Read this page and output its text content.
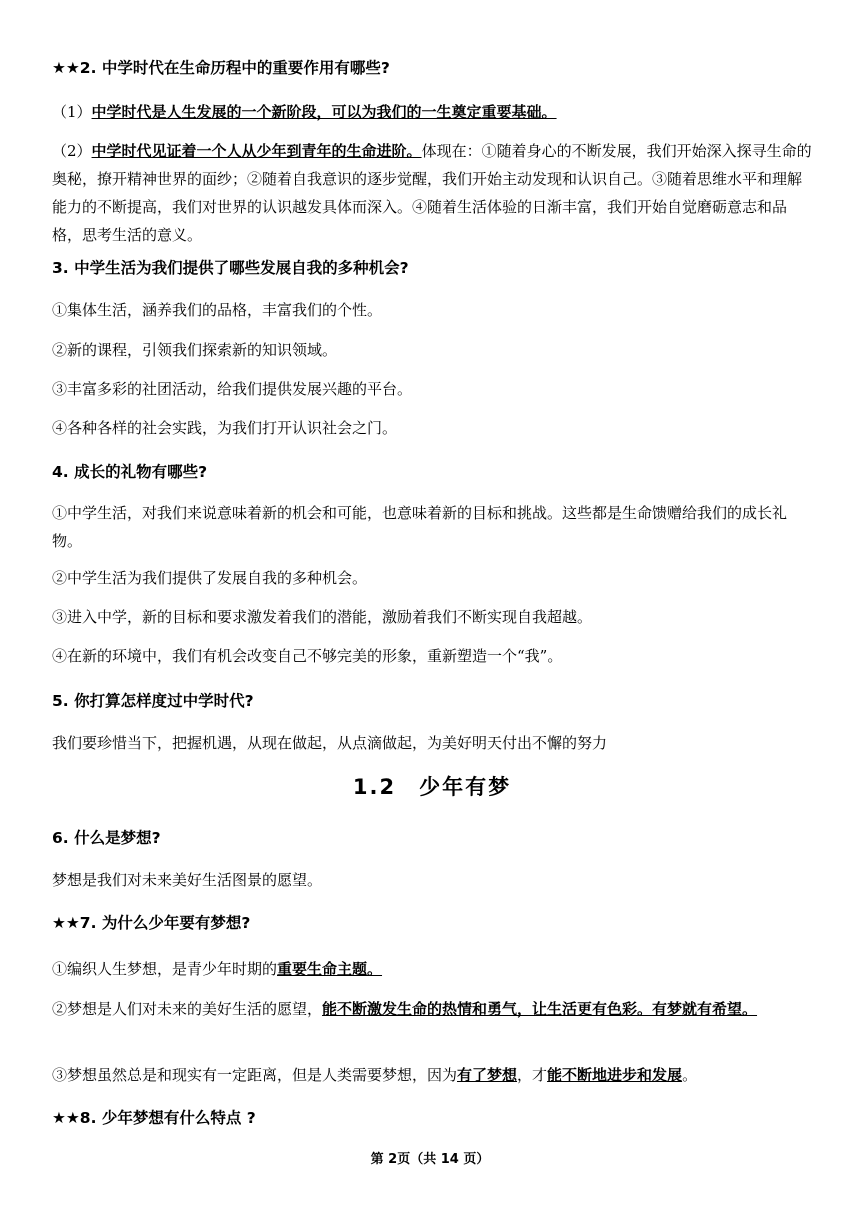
★★2. 中学时代在生命历程中的重要作用有哪些?
（1）中学时代是人生发展的一个新阶段，可以为我们的一生奠定重要基础。
（2）中学时代见证着一个人从少年到青年的生命进阶。体现在：①随着身心的不断发展，我们开始深入探寻生命的奥秘，撩开精神世界的面纱；②随着自我意识的逐步觉醒，我们开始主动发现和认识自己。③随着思维水平和理解能力的不断提高，我们对世界的认识越发具体而深入。④随着生活体验的日渐丰富，我们开始自觉磨砺意志和品格，思考生活的意义。
3. 中学生活为我们提供了哪些发展自我的多种机会?
①集体生活，涵养我们的品格，丰富我们的个性。
②新的课程，引领我们探索新的知识领域。
③丰富多彩的社团活动，给我们提供发展兴趣的平台。
④各种各样的社会实践，为我们打开认识社会之门。
4. 成长的礼物有哪些?
①中学生活，对我们来说意味着新的机会和可能，也意味着新的目标和挑战。这些都是生命馈赠给我们的成长礼物。
②中学生活为我们提供了发展自我的多种机会。
③进入中学，新的目标和要求激发着我们的潜能，激励着我们不断实现自我超越。
④在新的环境中，我们有机会改变自己不够完美的形象，重新塑造一个“我”。
5. 你打算怎样度过中学时代?
我们要珍惜当下，把握机遇，从现在做起，从点滴做起，为美好明天付出不懈的努力
1.2　少年有梦
6. 什么是梦想?
梦想是我们对未来美好生活图景的愿望。
★★7. 为什么少年要有梦想?
①编织人生梦想，是青少年时期的重要生命主题。
②梦想是人们对未来的美好生活的愿望，能不断激发生命的热情和勇气，让生活更有色彩。有梦就有希望。
③梦想虽然总是和现实有一定距离，但是人类需要梦想，因为有了梦想，才能不断地进步和发展。
★★8. 少年梦想有什么特点 ?
第 2页（共 14 页）
